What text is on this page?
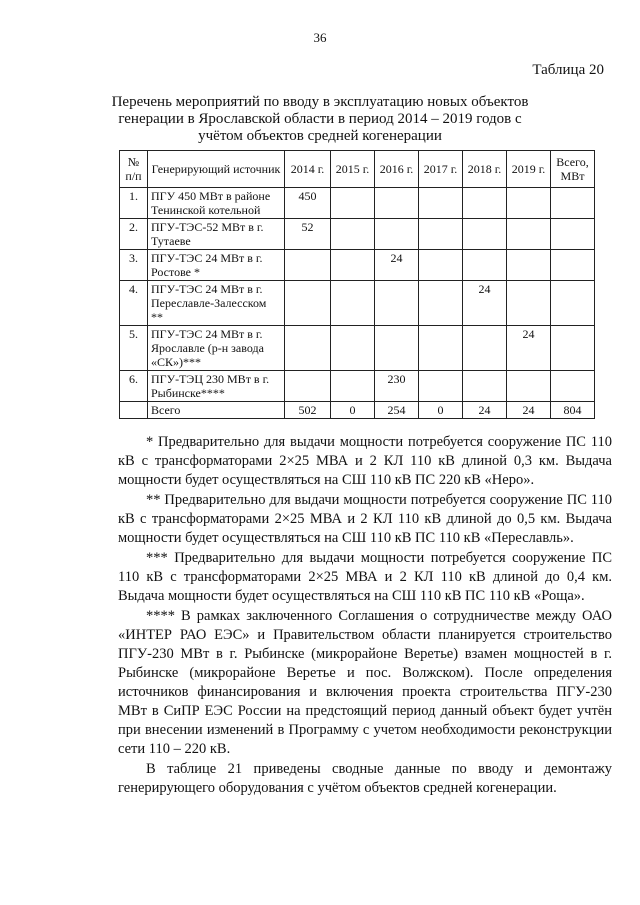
36
Таблица 20
Перечень мероприятий по вводу в эксплуатацию новых объектов генерации в Ярославской области в период 2014 – 2019 годов с учётом объектов средней когенерации
№ п/п	Генерирующий источник	2014 г.	2015 г.	2016 г.	2017 г.	2018 г.	2019 г.	Всего, МВт
1.	ПГУ 450 МВт в районе Тенинской котельной	450						
2.	ПГУ-ТЭС-52 МВт в г. Тутаеве	52						
3.	ПГУ-ТЭС 24 МВт в г. Ростове *			24				
4.	ПГУ-ТЭС 24 МВт в г. Переславле-Залесском **					24		
5.	ПГУ-ТЭС 24 МВт в г. Ярославле (р-н завода «СК»)***						24	
6.	ПГУ-ТЭЦ 230 МВт в г. Рыбинске****			230				
	Всего	502	0	254	0	24	24	804

* Предварительно для выдачи мощности потребуется сооружение ПС 110 кВ с трансформаторами 2×25 МВА и 2 КЛ 110 кВ длиной 0,3 км. Выдача мощности будет осуществляться на СШ 110 кВ ПС 220 кВ «Неро».

** Предварительно для выдачи мощности потребуется сооружение ПС 110 кВ с трансформаторами 2×25 МВА и 2 КЛ 110 кВ длиной до 0,5 км. Выдача мощности будет осуществляться на СШ 110 кВ ПС 110 кВ «Переславль».

*** Предварительно для выдачи мощности потребуется сооружение ПС 110 кВ с трансформаторами 2×25 МВА и 2 КЛ 110 кВ длиной до 0,4 км. Выдача мощности будет осуществляться на СШ 110 кВ ПС 110 кВ «Роща».

**** В рамках заключенного Соглашения о сотрудничестве между ОАО «ИНТЕР РАО ЕЭС» и Правительством области планируется строительство ПГУ-230 МВт в г. Рыбинске (микрорайоне Веретье) взамен мощностей в г. Рыбинске (микрорайоне Веретье и пос. Волжском). После определения источников финансирования и включения проекта строительства ПГУ-230 МВт в СиПР ЕЭС России на предстоящий период данный объект будет учтён при внесении изменений в Программу с учетом необходимости реконструкции сети 110 – 220 кВ.

В таблице 21 приведены сводные данные по вводу и демонтажу генерирующего оборудования с учётом объектов средней когенерации.
